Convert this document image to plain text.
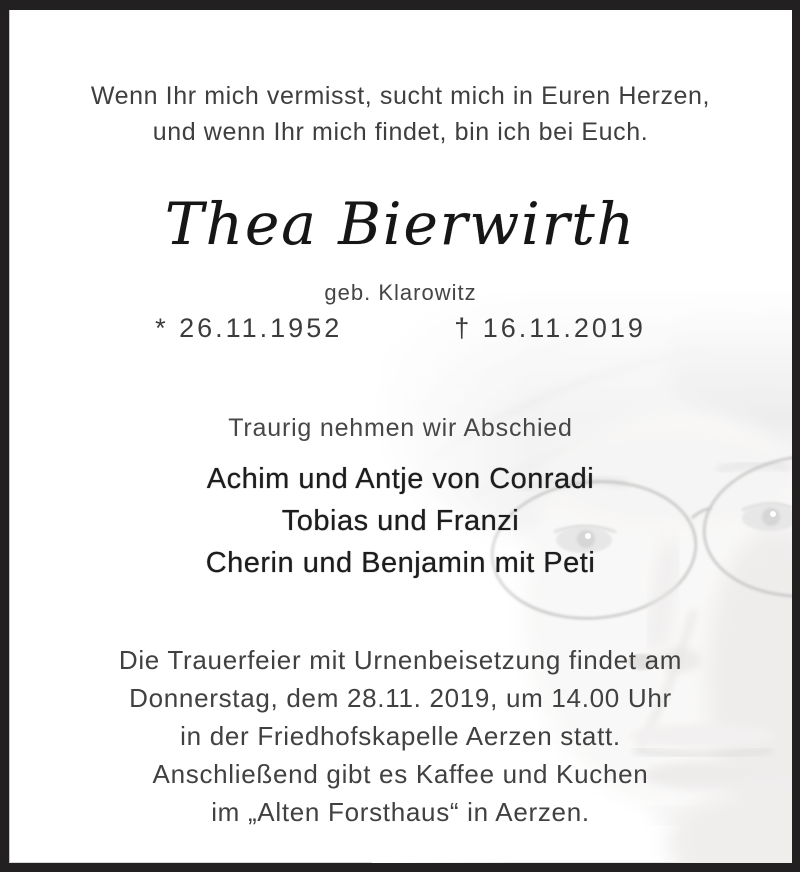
Wenn Ihr mich vermisst, sucht mich in Euren Herzen,
und wenn Ihr mich findet, bin ich bei Euch.
Thea Bierwirth
geb. Klarowitz
* 26.11.1952	† 16.11.2019
Traurig nehmen wir Abschied
Achim und Antje von Conradi
Tobias und Franzi
Cherin und Benjamin mit Peti
Die Trauerfeier mit Urnenbeisetzung findet am
Donnerstag, dem 28.11. 2019, um 14.00 Uhr
in der Friedhofskapelle Aerzen statt.
Anschließend gibt es Kaffee und Kuchen
im „Alten Forsthaus“ in Aerzen.
